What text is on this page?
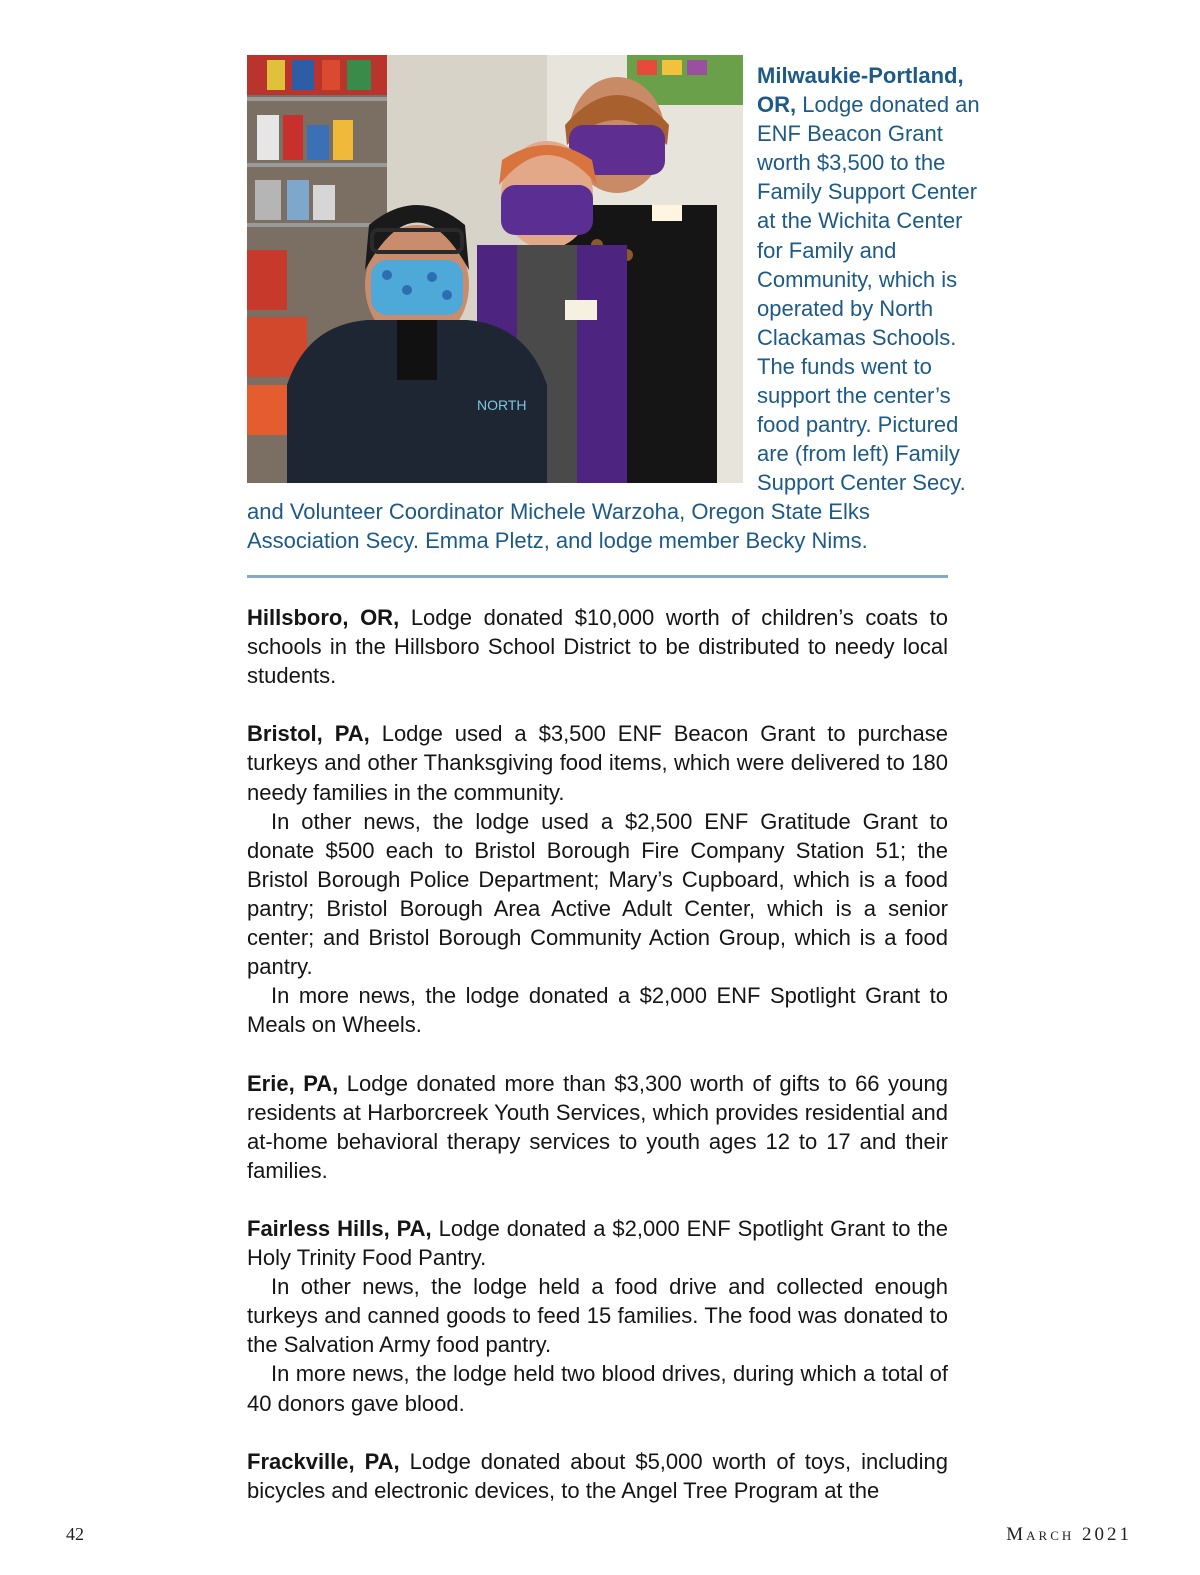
NORTH
Milwaukie-Portland, OR, Lodge donated an ENF Beacon Grant worth $3,500 to the Family Support Center at the Wichita Center for Family and Community, which is operated by North Clackamas Schools. The funds went to support the center’s food pantry. Pictured are (from left) Family Support Center Secy.
and Volunteer Coordinator Michele Warzoha, Oregon State Elks Association Secy. Emma Pletz, and lodge member Becky Nims.

Hillsboro, OR, Lodge donated $10,000 worth of children’s coats to schools in the Hillsboro School District to be distributed to needy local students.

Bristol, PA, Lodge used a $3,500 ENF Beacon Grant to purchase turkeys and other Thanksgiving food items, which were delivered to 180 needy families in the community.

In other news, the lodge used a $2,500 ENF Gratitude Grant to donate $500 each to Bristol Borough Fire Company Station 51; the Bristol Borough Police Department; Mary’s Cupboard, which is a food pantry; Bristol Borough Area Active Adult Center, which is a senior center; and Bristol Borough Community Action Group, which is a food pantry.

In more news, the lodge donated a $2,000 ENF Spotlight Grant to Meals on Wheels.

Erie, PA, Lodge donated more than $3,300 worth of gifts to 66 young residents at Harborcreek Youth Services, which provides residential and at-home behavioral therapy services to youth ages 12 to 17 and their families.

Fairless Hills, PA, Lodge donated a $2,000 ENF Spotlight Grant to the Holy Trinity Food Pantry.

In other news, the lodge held a food drive and collected enough turkeys and canned goods to feed 15 families. The food was donated to the Salvation Army food pantry.

In more news, the lodge held two blood drives, during which a total of 40 donors gave blood.

Frackville, PA, Lodge donated about $5,000 worth of toys, including bicycles and electronic devices, to the Angel Tree Program at the

42	March 2021
